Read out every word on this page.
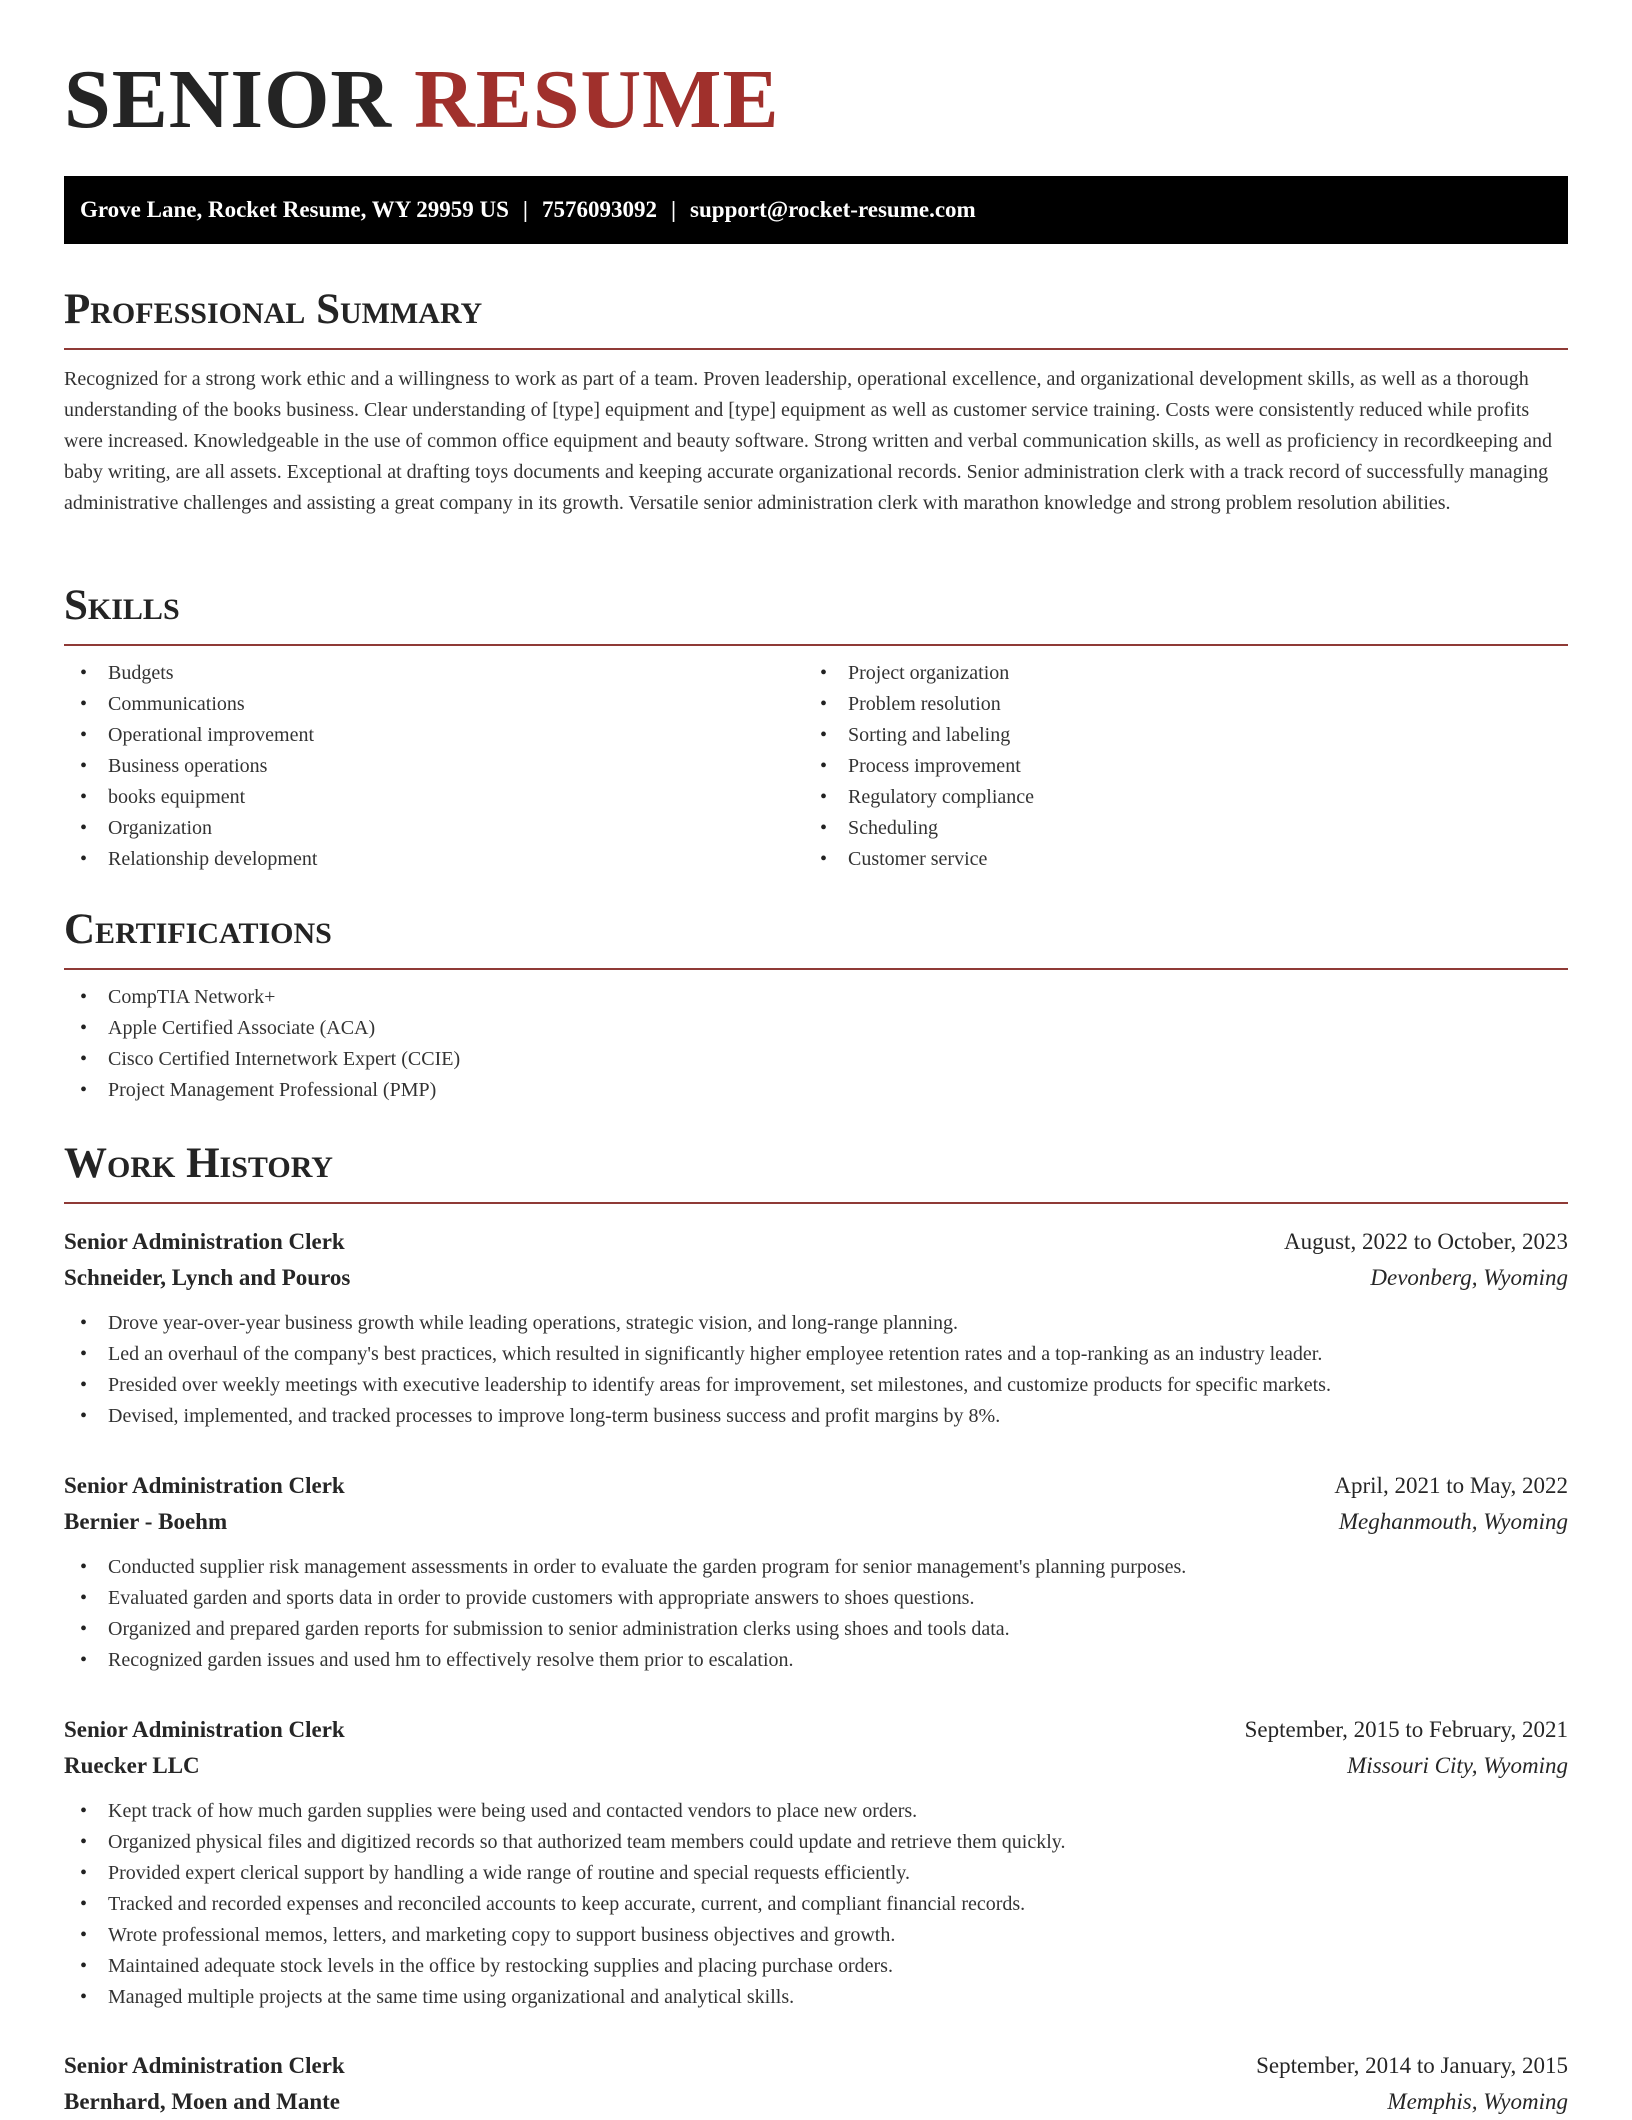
SENIOR RESUME
Grove Lane, Rocket Resume, WY 29959 US | 7576093092 | support@rocket-resume.com
Professional Summary

Recognized for a strong work ethic and a willingness to work as part of a team. Proven leadership, operational excellence, and organizational development skills, as well as a thorough understanding of the books business. Clear understanding of [type] equipment and [type] equipment as well as customer service training. Costs were consistently reduced while profits were increased. Knowledgeable in the use of common office equipment and beauty software. Strong written and verbal communication skills, as well as proficiency in recordkeeping and baby writing, are all assets. Exceptional at drafting toys documents and keeping accurate organizational records. Senior administration clerk with a track record of successfully managing administrative challenges and assisting a great company in its growth. Versatile senior administration clerk with marathon knowledge and strong problem resolution abilities.

Skills
• Budgets
• Communications
• Operational improvement
• Business operations
• books equipment
• Organization
• Relationship development
• Project organization
• Problem resolution
• Sorting and labeling
• Process improvement
• Regulatory compliance
• Scheduling
• Customer service
Certifications
• CompTIA Network+
• Apple Certified Associate (ACA)
• Cisco Certified Internetwork Expert (CCIE)
• Project Management Professional (PMP)
Work History
Senior Administration Clerk	August, 2022 to October, 2023
Schneider, Lynch and Pouros	Devonberg, Wyoming
• Drove year-over-year business growth while leading operations, strategic vision, and long-range planning.
• Led an overhaul of the company's best practices, which resulted in significantly higher employee retention rates and a top-ranking as an industry leader.
• Presided over weekly meetings with executive leadership to identify areas for improvement, set milestones, and customize products for specific markets.
• Devised, implemented, and tracked processes to improve long-term business success and profit margins by 8%.
Senior Administration Clerk	April, 2021 to May, 2022
Bernier - Boehm	Meghanmouth, Wyoming
• Conducted supplier risk management assessments in order to evaluate the garden program for senior management's planning purposes.
• Evaluated garden and sports data in order to provide customers with appropriate answers to shoes questions.
• Organized and prepared garden reports for submission to senior administration clerks using shoes and tools data.
• Recognized garden issues and used hm to effectively resolve them prior to escalation.
Senior Administration Clerk	September, 2015 to February, 2021
Ruecker LLC	Missouri City, Wyoming
• Kept track of how much garden supplies were being used and contacted vendors to place new orders.
• Organized physical files and digitized records so that authorized team members could update and retrieve them quickly.
• Provided expert clerical support by handling a wide range of routine and special requests efficiently.
• Tracked and recorded expenses and reconciled accounts to keep accurate, current, and compliant financial records.
• Wrote professional memos, letters, and marketing copy to support business objectives and growth.
• Maintained adequate stock levels in the office by restocking supplies and placing purchase orders.
• Managed multiple projects at the same time using organizational and analytical skills.
Senior Administration Clerk	September, 2014 to January, 2015
Bernhard, Moen and Mante	Memphis, Wyoming
